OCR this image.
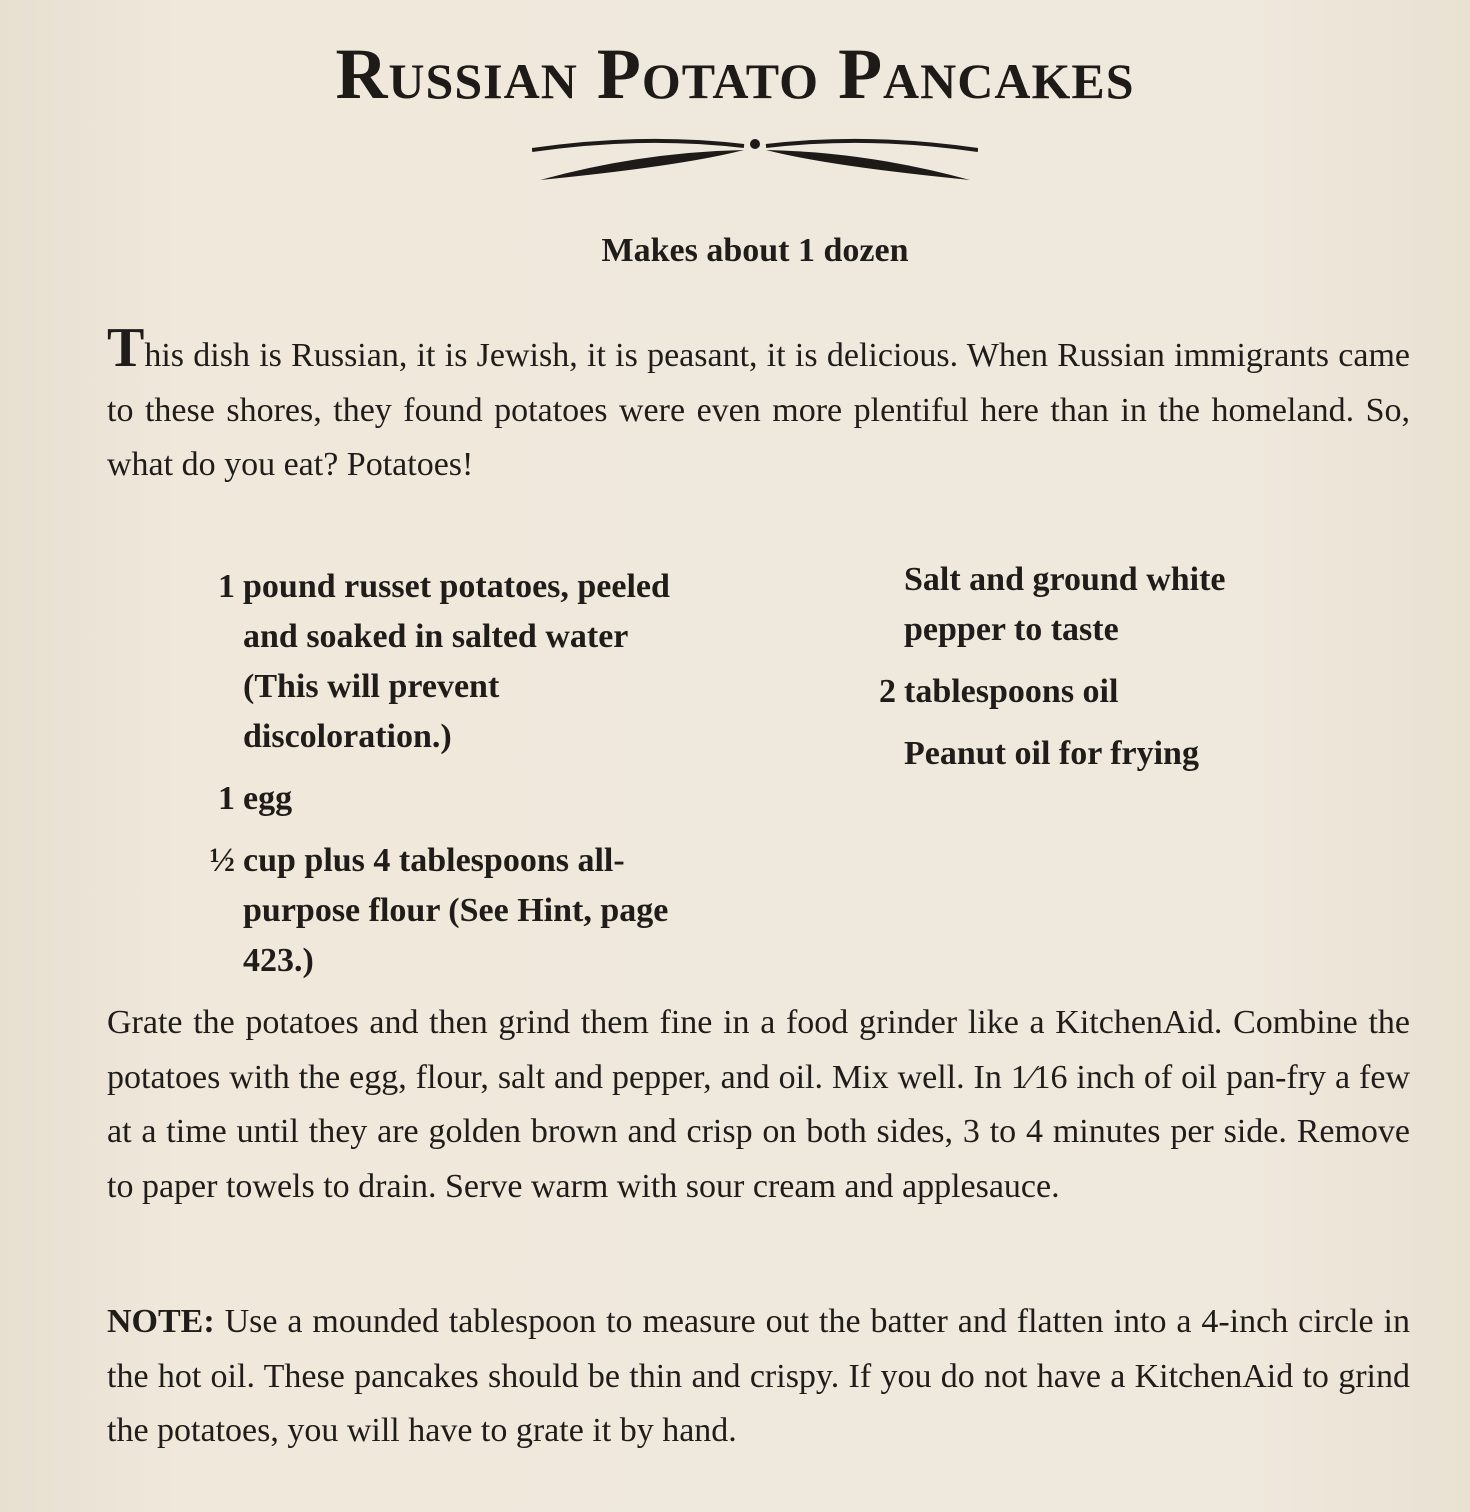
Russian Potato Pancakes
Makes about 1 dozen

This dish is Russian, it is Jewish, it is peasant, it is delicious. When Russian immigrants came to these shores, they found potatoes were even more plentiful here than in the homeland. So, what do you eat? Potatoes!

1 pound russet potatoes, peeled and soaked in salted water (This will prevent discoloration.)
1 egg
½ cup plus 4 tablespoons all-purpose flour (See Hint, page 423.)
Salt and ground white pepper to taste
2 tablespoons oil
Peanut oil for frying

Grate the potatoes and then grind them fine in a food grinder like a KitchenAid. Combine the potatoes with the egg, flour, salt and pepper, and oil. Mix well. In 1⁄16 inch of oil pan-fry a few at a time until they are golden brown and crisp on both sides, 3 to 4 minutes per side. Remove to paper towels to drain. Serve warm with sour cream and applesauce.

NOTE: Use a mounded tablespoon to measure out the batter and flatten into a 4-inch circle in the hot oil. These pancakes should be thin and crispy. If you do not have a KitchenAid to grind the potatoes, you will have to grate it by hand.
